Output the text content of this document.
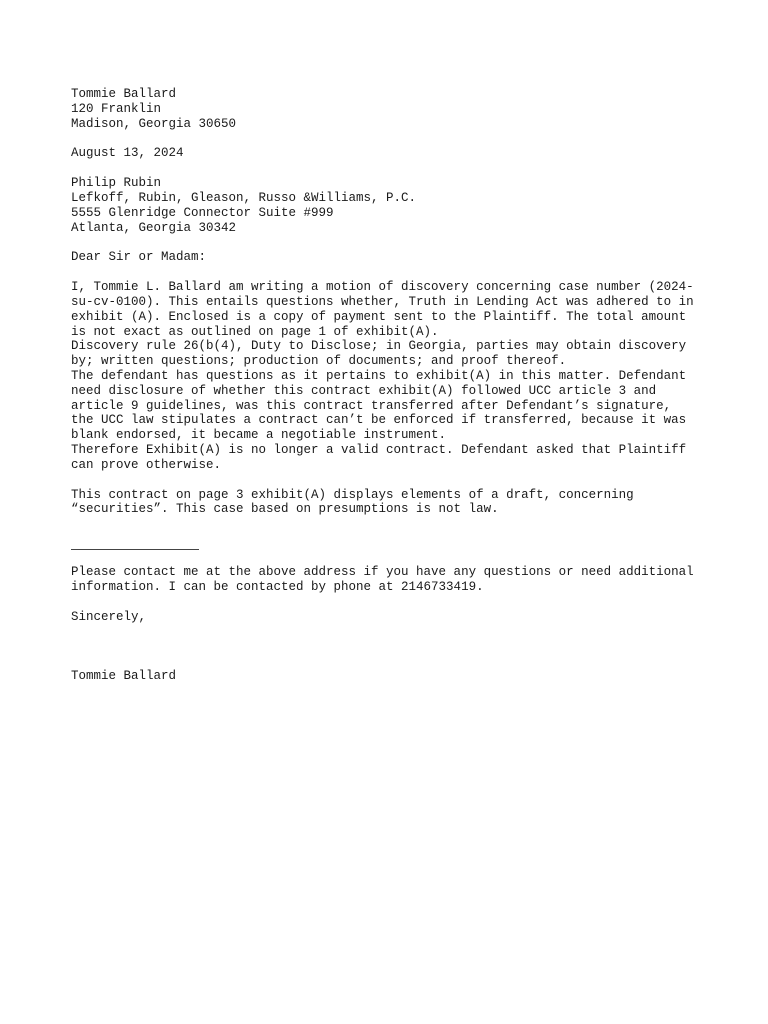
Tommie Ballard
120 Franklin
Madison, Georgia 30650
August 13, 2024
Philip Rubin
Lefkoff, Rubin, Gleason, Russo &Williams, P.C.
5555 Glenridge Connector Suite #999
Atlanta, Georgia 30342
Dear Sir or Madam:
I, Tommie L. Ballard am writing a motion of discovery concerning case number (2024-
su-cv-0100). This entails questions whether, Truth in Lending Act was adhered to in
exhibit (A). Enclosed is a copy of payment sent to the Plaintiff. The total amount
is not exact as outlined on page 1 of exhibit(A).
Discovery rule 26(b(4), Duty to Disclose; in Georgia, parties may obtain discovery
by; written questions; production of documents; and proof thereof.
The defendant has questions as it pertains to exhibit(A) in this matter. Defendant
need disclosure of whether this contract exhibit(A) followed UCC article 3 and
article 9 guidelines, was this contract transferred after Defendant’s signature,
the UCC law stipulates a contract can’t be enforced if transferred, because it was
blank endorsed, it became a negotiable instrument.
Therefore Exhibit(A) is no longer a valid contract. Defendant asked that Plaintiff
can prove otherwise.
This contract on page 3 exhibit(A) displays elements of a draft, concerning
“securities”. This case based on presumptions is not law.
Please contact me at the above address if you have any questions or need additional
information. I can be contacted by phone at 2146733419.
Sincerely,
Tommie Ballard
